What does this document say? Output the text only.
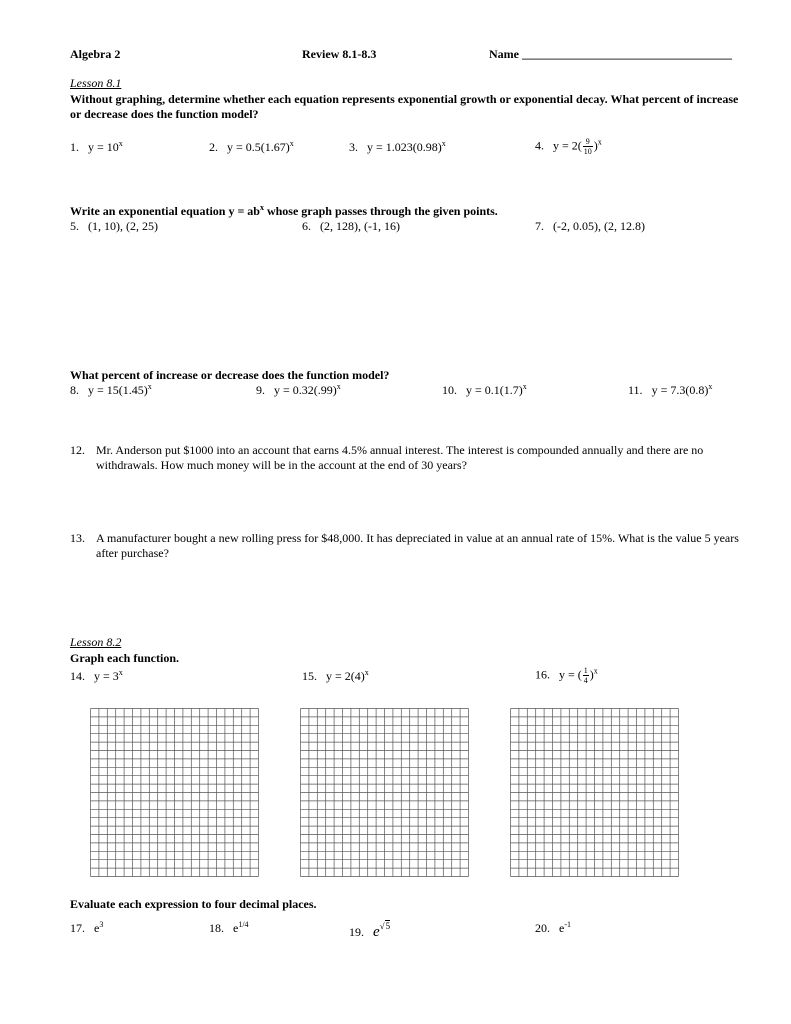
Algebra 2	Review 8.1-8.3	Name ___________________________________
Lesson 8.1
Without graphing, determine whether each equation represents exponential growth or exponential decay. What percent of increase or decrease does the function model?
1. $y = 10^x$	2. $y = 0.5(1.67)^x$	3. $y = 1.023(0.98)^x$	4. $y = 2( \frac{9}{10} )^x$
Write an exponential equation $y = ab^x$ whose graph passes through the given points.
5. (1, 10), (2, 25)	6. (2, 128), (-1, 16)	7. (-2, 0.05), (2, 12.8)
What percent of increase or decrease does the function model?
8. $y = 15(1.45)^x$	9. $y = 0.32(.99)^x$	10. $y = 0.1(1.7)^x$	11. $y = 7.3(0.8)^x$
12. Mr. Anderson put $1000 into an account that earns 4.5% annual interest. The interest is compounded annually and there are no withdrawals. How much money will be in the account at the end of 30 years?
13. A manufacturer bought a new rolling press for $48,000. It has depreciated in value at an annual rate of 15%. What is the value 5 years after purchase?
Lesson 8.2
Graph each function.
14. $y = 3^x$	15. $y = 2(4)^x$	16. y = ( $\frac{1}{4} )^x$
Evaluate each expression to four decimal places.
17. $e^3$	18. $e^{1/4}$
19. e√5	20. $e^{-1}$
